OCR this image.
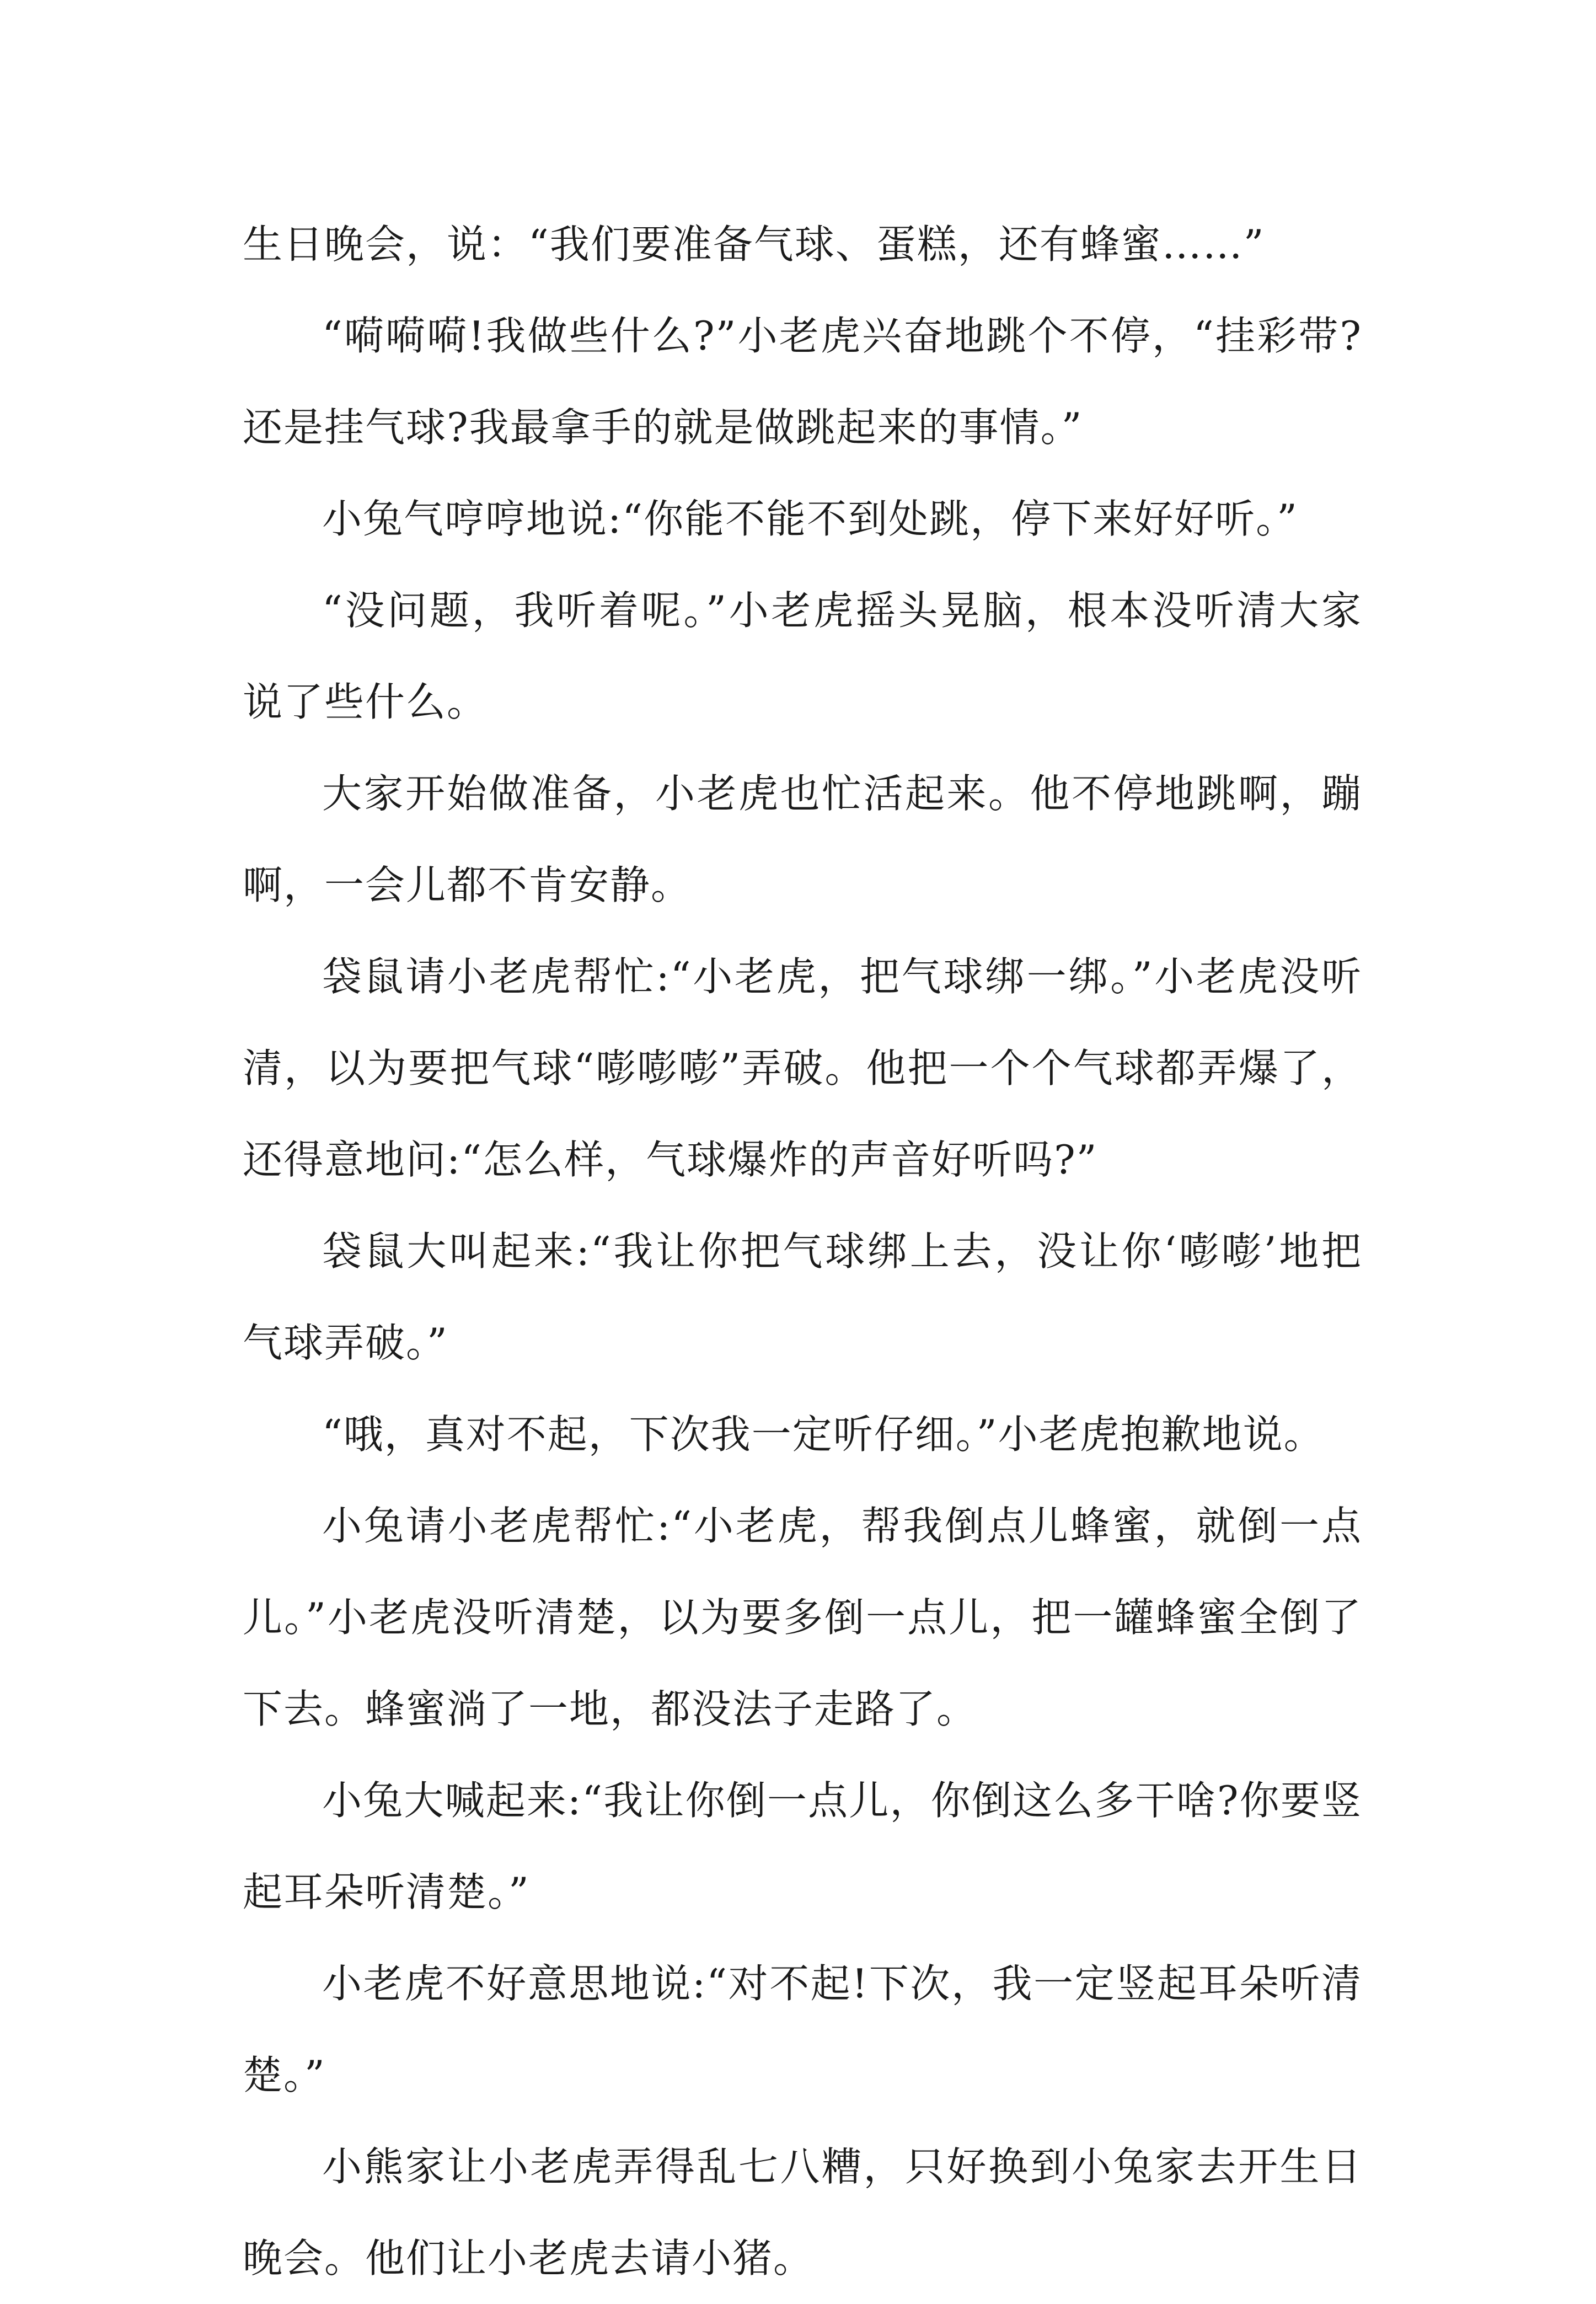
生日晚会，说：“我们要准备气球、蛋糕，还有蜂蜜……”

“嗬嗬嗬!我做些什么?”小老虎兴奋地跳个不停，“挂彩带?还是挂气球?我最拿手的就是做跳起来的事情。”

小兔气哼哼地说:“你能不能不到处跳，停下来好好听。”

“没问题，我听着呢。”小老虎摇头晃脑，根本没听清大家说了些什么。

大家开始做准备，小老虎也忙活起来。他不停地跳啊，蹦啊，一会儿都不肯安静。

袋鼠请小老虎帮忙:“小老虎，把气球绑一绑。”小老虎没听清，以为要把气球“嘭嘭嘭”弄破。他把一个个气球都弄爆了，还得意地问:“怎么样，气球爆炸的声音好听吗?”

袋鼠大叫起来:“我让你把气球绑上去，没让你‘嘭嘭’地把气球弄破。”

“哦，真对不起，下次我一定听仔细。”小老虎抱歉地说。

小兔请小老虎帮忙:“小老虎，帮我倒点儿蜂蜜，就倒一点儿。”小老虎没听清楚，以为要多倒一点儿，把一罐蜂蜜全倒了下去。蜂蜜淌了一地，都没法子走路了。

小兔大喊起来:“我让你倒一点儿，你倒这么多干啥?你要竖起耳朵听清楚。”

小老虎不好意思地说:“对不起!下次，我一定竖起耳朵听清楚。”

小熊家让小老虎弄得乱七八糟，只好换到小兔家去开生日晚会。他们让小老虎去请小猪。
